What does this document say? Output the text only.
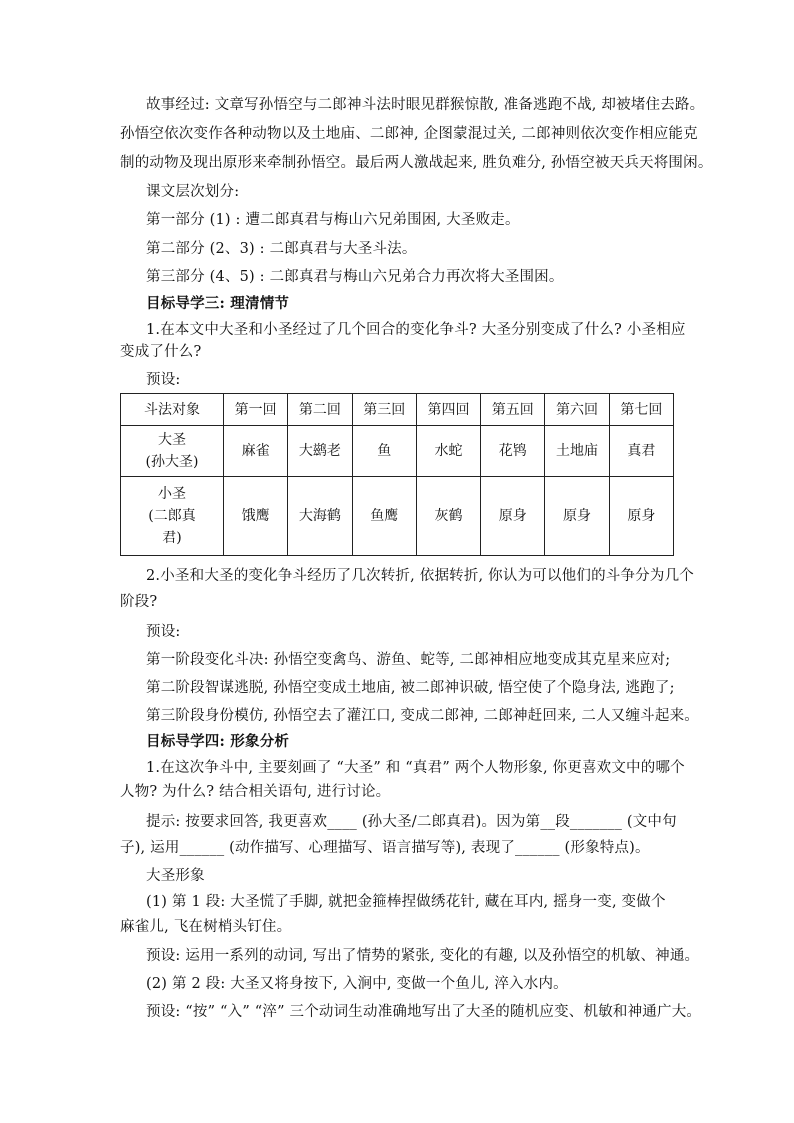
故事经过: 文章写孙悟空与二郎神斗法时眼见群猴惊散, 准备逃跑不战, 却被堵住去路。
孙悟空依次变作各种动物以及土地庙、二郎神, 企图蒙混过关, 二郎神则依次变作相应能克
制的动物及现出原形来牵制孙悟空。最后两人激战起来, 胜负难分, 孙悟空被天兵天将围闲。
课文层次划分:
第一部分 (1) : 遭二郎真君与梅山六兄弟围困, 大圣败走。
第二部分 (2、3) : 二郎真君与大圣斗法。
第三部分 (4、5) : 二郎真君与梅山六兄弟合力再次将大圣围困。
目标导学三: 理清情节
1.在本文中大圣和小圣经过了几个回合的变化争斗? 大圣分别变成了什么? 小圣相应
变成了什么?
预设:
斗法对象	第一回	第二回	第三回	第四回	第五回	第六回	第七回

大圣
(孙大圣)	麻雀	大鹚老	鱼	水蛇	花鸨	土地庙	真君

小圣
(二郎真
君)	饿鹰	大海鹤	鱼鹰	灰鹤	原身	原身	原身
2.小圣和大圣的变化争斗经历了几次转折, 依据转折, 你认为可以他们的斗争分为几个
阶段?
预设:
第一阶段变化斗决: 孙悟空变禽鸟、游鱼、蛇等, 二郎神相应地变成其克星来应对;
第二阶段智谋逃脱, 孙悟空变成土地庙, 被二郎神识破, 悟空使了个隐身法, 逃跑了;
第三阶段身份模仿, 孙悟空去了灌江口, 变成二郎神, 二郎神赶回来, 二人又缠斗起来。
目标导学四: 形象分析
1.在这次争斗中, 主要刻画了 “大圣” 和 “真君” 两个人物形象, 你更喜欢文中的哪个
人物? 为什么? 结合相关语句, 进行讨论。
提示: 按要求回答, 我更喜欢____ (孙大圣/二郎真君)。因为第__段_______ (文中句
子), 运用______ (动作描写、心理描写、语言描写等), 表现了______ (形象特点)。
大圣形象
(1) 第 1 段: 大圣慌了手脚, 就把金箍棒捏做绣花针, 藏在耳内, 摇身一变, 变做个
麻雀儿, 飞在树梢头钉住。
预设: 运用一系列的动词, 写出了情势的紧张, 变化的有趣, 以及孙悟空的机敏、神通。
(2) 第 2 段: 大圣又将身按下, 入涧中, 变做一个鱼儿, 淬入水内。
预设: “按” “入” “淬” 三个动词生动准确地写出了大圣的随机应变、机敏和神通广大。
